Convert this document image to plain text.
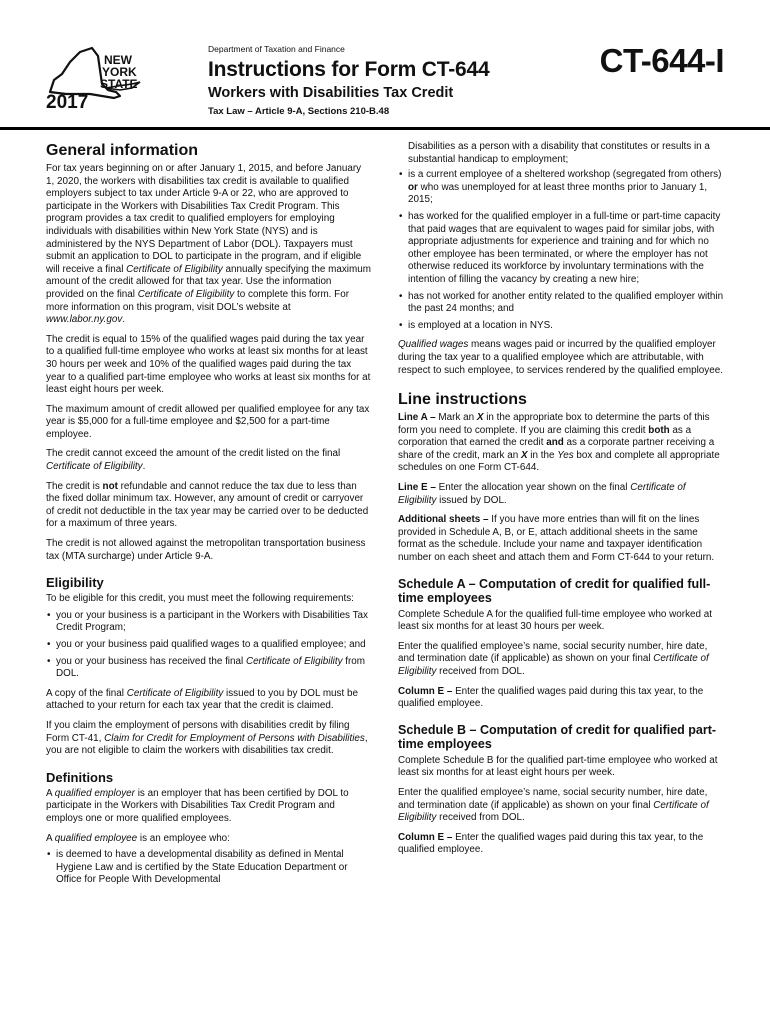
NEW
YORK
STATE
2017
Department of Taxation and Finance
Instructions for Form CT-644	CT-644-I
Workers with Disabilities Tax Credit
Tax Law – Article 9-A, Sections 210-B.48
General information

For tax years beginning on or after January 1, 2015, and before January 1, 2020, the workers with disabilities tax credit is available to qualified employers subject to tax under Article 9-A or 22, who are approved to participate in the Workers with Disabilities Tax Credit Program. This program provides a tax credit to qualified employers for employing individuals with disabilities within New York State (NYS) and is administered by the NYS Department of Labor (DOL). Taxpayers must submit an application to DOL to participate in the program, and if eligible will receive a final Certificate of Eligibility annually specifying the maximum amount of the credit allowed for that tax year. Use the information provided on the final Certificate of Eligibility to complete this form. For more information on this program, visit DOL’s website at www.labor.ny.gov.

The credit is equal to 15% of the qualified wages paid during the tax year to a qualified full-time employee who works at least six months for at least 30 hours per week and 10% of the qualified wages paid during the tax year to a qualified part-time employee who works at least six months for at least eight hours per week.

The maximum amount of credit allowed per qualified employee for any tax year is $5,000 for a full-time employee and $2,500 for a part-time employee.

The credit cannot exceed the amount of the credit listed on the final Certificate of Eligibility.

The credit is not refundable and cannot reduce the tax due to less than the fixed dollar minimum tax. However, any amount of credit or carryover of credit not deductible in the tax year may be carried over to be deducted for a maximum of three years.

The credit is not allowed against the metropolitan transportation business tax (MTA surcharge) under Article 9-A.

Eligibility

To be eligible for this credit, you must meet the following requirements:

• you or your business is a participant in the Workers with Disabilities Tax Credit Program;
• you or your business paid qualified wages to a qualified employee; and
• you or your business has received the final Certificate of Eligibility from DOL.

A copy of the final Certificate of Eligibility issued to you by DOL must be attached to your return for each tax year that the credit is claimed.

If you claim the employment of persons with disabilities credit by filing Form CT-41, Claim for Credit for Employment of Persons with Disabilities, you are not eligible to claim the workers with disabilities tax credit.

Definitions

A qualified employer is an employer that has been certified by DOL to participate in the Workers with Disabilities Tax Credit Program and employs one or more qualified employees.

A qualified employee is an employee who:

• is deemed to have a developmental disability as defined in Mental Hygiene Law and is certified by the State Education Department or Office for People With Developmental

Disabilities as a person with a disability that constitutes or results in a substantial handicap to employment;

• is a current employee of a sheltered workshop (segregated from others) or who was unemployed for at least three months prior to January 1, 2015;
• has worked for the qualified employer in a full-time or part-time capacity that paid wages that are equivalent to wages paid for similar jobs, with appropriate adjustments for experience and training and for which no other employee has been terminated, or where the employer has not otherwise reduced its workforce by involuntary terminations with the intention of filling the vacancy by creating a new hire;
• has not worked for another entity related to the qualified employer within the past 24 months; and
• is employed at a location in NYS.

Qualified wages means wages paid or incurred by the qualified employer during the tax year to a qualified employee which are attributable, with respect to such employee, to services rendered by the qualified employee.

Line instructions

Line A – Mark an X in the appropriate box to determine the parts of this form you need to complete. If you are claiming this credit both as a corporation that earned the credit and as a corporate partner receiving a share of the credit, mark an X in the Yes box and complete all appropriate schedules on one Form CT-644.

Line E – Enter the allocation year shown on the final Certificate of Eligibility issued by DOL.

Additional sheets – If you have more entries than will fit on the lines provided in Schedule A, B, or E, attach additional sheets in the same format as the schedule. Include your name and taxpayer identification number on each sheet and attach them and Form CT-644 to your return.

Schedule A – Computation of credit for qualified full-time employees

Complete Schedule A for the qualified full-time employee who worked at least six months for at least 30 hours per week.

Enter the qualified employee’s name, social security number, hire date, and termination date (if applicable) as shown on your final Certificate of Eligibility received from DOL.

Column E – Enter the qualified wages paid during this tax year, to the qualified employee.

Schedule B – Computation of credit for qualified part-time employees

Complete Schedule B for the qualified part-time employee who worked at least six months for at least eight hours per week.

Enter the qualified employee’s name, social security number, hire date, and termination date (if applicable) as shown on your final Certificate of Eligibility received from DOL.

Column E – Enter the qualified wages paid during this tax year, to the qualified employee.
